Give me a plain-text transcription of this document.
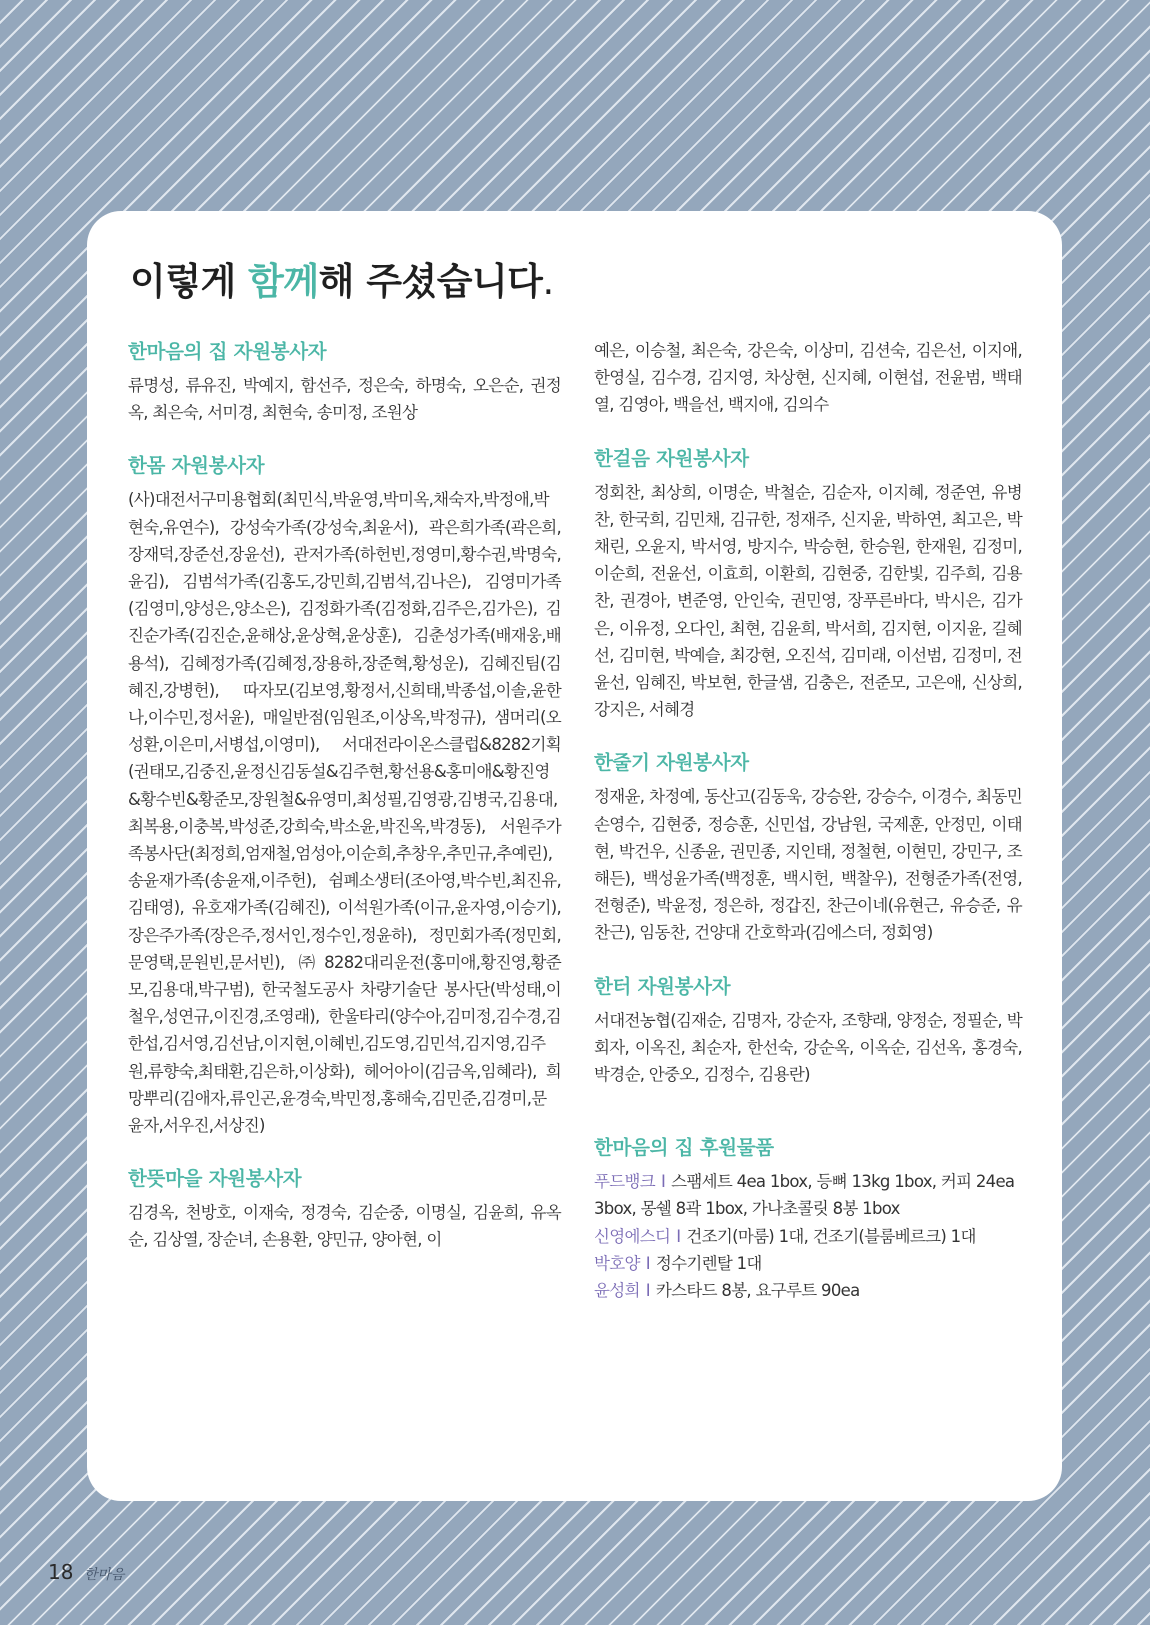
이렇게 함께해 주셨습니다.
한마음의 집 자원봉사자

류명성, 류유진, 박예지, 함선주, 정은숙, 하명숙, 오은순, 권정옥, 최은숙, 서미경, 최현숙, 송미정, 조원상

한몸 자원봉사자

(사)대전서구미용협회(최민식,박윤영,박미옥,채숙자,박정애,박현숙,유연수), 강성숙가족(강성숙,최윤서), 곽은희가족(곽은희,장재덕,장준선,장윤선), 관저가족(하헌빈,정영미,황수권,박명숙,윤김), 김범석가족(김홍도,강민희,김범석,김나은), 김영미가족(김영미,양성은,양소은), 김정화가족(김정화,김주은,김가은), 김진순가족(김진순,윤해상,윤상혁,윤상훈), 김춘성가족(배재웅,배용석), 김혜정가족(김혜정,장용하,장준혁,황성운), 김혜진팀(김혜진,강병헌), 따자모(김보영,황정서,신희태,박종섭,이솔,윤한나,이수민,정서윤), 매일반점(임원조,이상옥,박정규), 샘머리(오성환,이은미,서병섭,이영미), 서대전라이온스클럽&8282기획(권태모,김중진,윤정신김동설&김주현,황선용&홍미애&황진영&황수빈&황준모,장원철&유영미,최성필,김영광,김병국,김용대,최복용,이충복,박성준,강희숙,박소윤,박진옥,박경동), 서원주가족봉사단(최정희,엄재철,엄성아,이순희,추창우,추민규,추예린), 송윤재가족(송윤재,이주헌), 쉼폐소생터(조아영,박수빈,최진유,김태영), 유호재가족(김혜진), 이석원가족(이규,윤자영,이승기), 장은주가족(장은주,정서인,정수인,정윤하), 정민회가족(정민회,문영택,문원빈,문서빈), ㈜8282대리운전(홍미애,황진영,황준모,김용대,박구범), 한국철도공사 차량기술단 봉사단(박성태,이철우,성연규,이진경,조영래), 한울타리(양수아,김미정,김수경,김한섭,김서영,김선남,이지현,이혜빈,김도영,김민석,김지영,김주원,류향숙,최태환,김은하,이상화), 헤어아이(김금옥,임혜라), 희망뿌리(김애자,류인곤,윤경숙,박민정,홍해숙,김민준,김경미,문윤자,서우진,서상진)

한뜻마을 자원봉사자

김경옥, 천방호, 이재숙, 정경숙, 김순중, 이명실, 김윤희, 유옥순, 김상열, 장순녀, 손용환, 양민규, 양아현, 이

예은, 이승철, 최은숙, 강은숙, 이상미, 김션숙, 김은선, 이지애, 한영실, 김수경, 김지영, 차상현, 신지혜, 이현섭, 전윤범, 백태열, 김영아, 백을선, 백지애, 김의수

한걸음 자원봉사자

정회찬, 최상희, 이명순, 박철순, 김순자, 이지혜, 정준연, 유병찬, 한국희, 김민채, 김규한, 정재주, 신지윤, 박하연, 최고은, 박채린, 오윤지, 박서영, 방지수, 박승현, 한승원, 한재원, 김정미, 이순희, 전윤선, 이효희, 이환희, 김현중, 김한빛, 김주희, 김용찬, 권경아, 변준영, 안인숙, 권민영, 장푸른바다, 박시은, 김가은, 이유정, 오다인, 최현, 김윤희, 박서희, 김지현, 이지윤, 길혜선, 김미현, 박예슬, 최강현, 오진석, 김미래, 이선범, 김정미, 전윤선, 임혜진, 박보현, 한글샘, 김충은, 전준모, 고은애, 신상희, 강지은, 서혜경

한줄기 자원봉사자

정재윤, 차정예, 동산고(김동욱, 강승완, 강승수, 이경수, 최동민 손영수, 김현중, 정승훈, 신민섭, 강남원, 국제훈, 안정민, 이태현, 박건우, 신종윤, 권민종, 지인태, 정철현, 이현민, 강민구, 조해든), 백성윤가족(백정훈, 백시헌, 백찰우), 전형준가족(전영, 전형준), 박윤정, 정은하, 정갑진, 찬근이네(유현근, 유승준, 유찬근), 임동찬, 건양대 간호학과(김에스더, 정회영)

한터 자원봉사자

서대전농협(김재순, 김명자, 강순자, 조향래, 양정순, 정필순, 박회자, 이옥진, 최순자, 한선숙, 강순옥, 이옥순, 김선옥, 홍경숙, 박경순, 안중오, 김정수, 김용란)

한마음의 집 후원물품
푸드뱅크 I 스팸세트 4ea 1box, 등뼈 13kg 1box, 커피 24ea 3box, 몽쉘 8곽 1box, 가나초콜릿 8봉 1box
신영에스디 I 건조기(마룸) 1대, 건조기(블룸베르크) 1대
박호양 I 정수기렌탈 1대
윤성희 I 카스타드 8봉, 요구루트 90ea
18 한마음
